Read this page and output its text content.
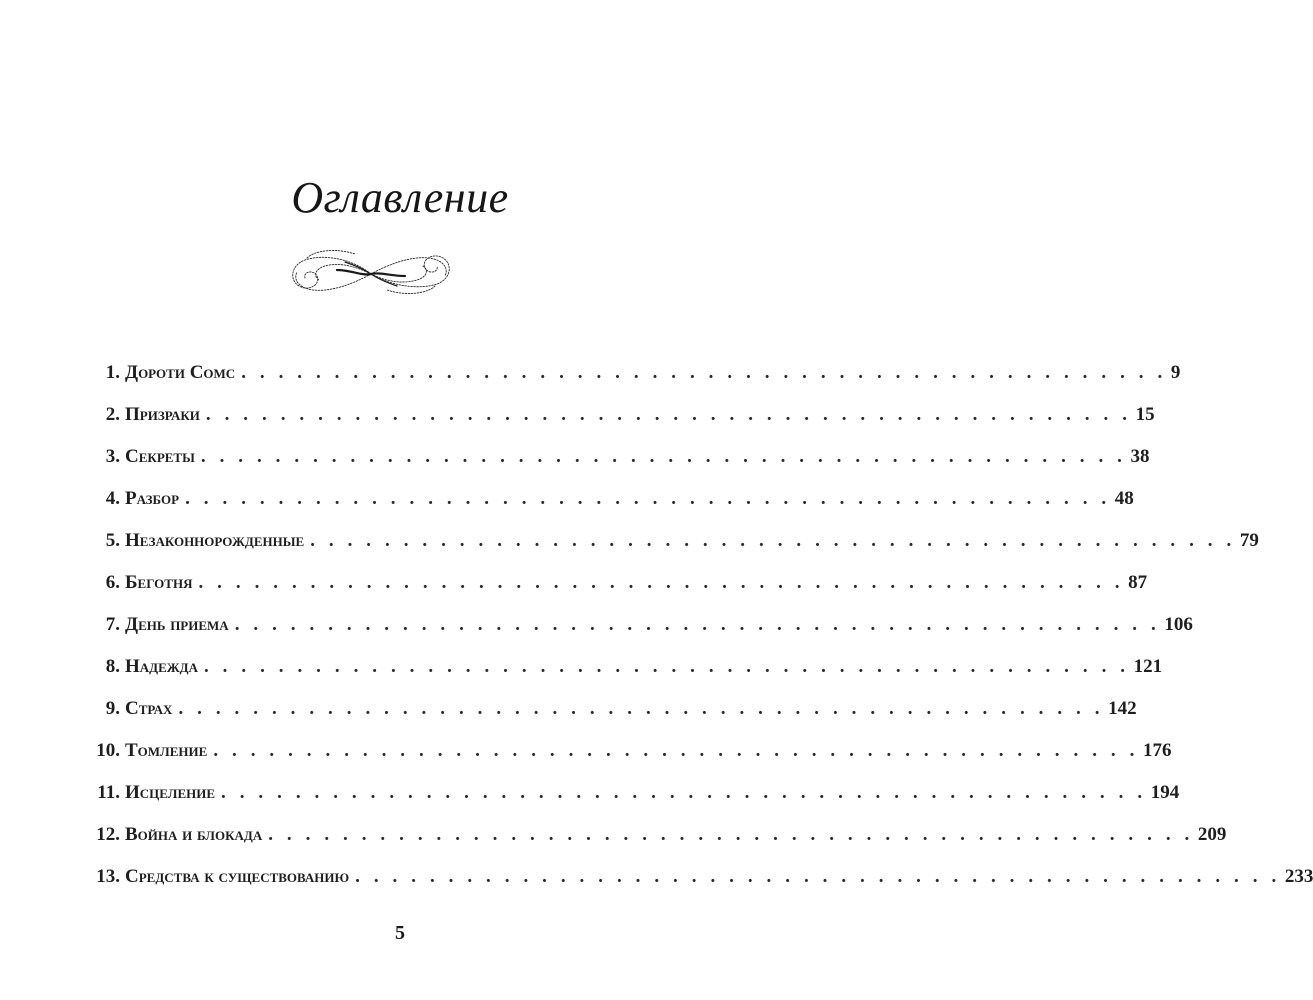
Оглавление
1. Дороти Сомс . . . . . . . . . . . . . . . . . . . . . . . . . . . . . . . . . . . . . . . . . . . . . . . . . . 9
2. Призраки . . . . . . . . . . . . . . . . . . . . . . . . . . . . . . . . . . . . . . . . . . . . . . . . . . 15
3. Секреты . . . . . . . . . . . . . . . . . . . . . . . . . . . . . . . . . . . . . . . . . . . . . . . . . . 38
4. Разбор . . . . . . . . . . . . . . . . . . . . . . . . . . . . . . . . . . . . . . . . . . . . . . . . . . 48
5. Незаконнорожденные . . . . . . . . . . . . . . . . . . . . . . . . . . . . . . . . . . . . . . . . . . . . . . . . . . 79
6. Беготня . . . . . . . . . . . . . . . . . . . . . . . . . . . . . . . . . . . . . . . . . . . . . . . . . . 87
7. День приема . . . . . . . . . . . . . . . . . . . . . . . . . . . . . . . . . . . . . . . . . . . . . . . . . . 106
8. Надежда . . . . . . . . . . . . . . . . . . . . . . . . . . . . . . . . . . . . . . . . . . . . . . . . . . 121
9. Страх . . . . . . . . . . . . . . . . . . . . . . . . . . . . . . . . . . . . . . . . . . . . . . . . . . 142
10. Томление . . . . . . . . . . . . . . . . . . . . . . . . . . . . . . . . . . . . . . . . . . . . . . . . . . 176
11. Исцеление . . . . . . . . . . . . . . . . . . . . . . . . . . . . . . . . . . . . . . . . . . . . . . . . . . 194
12. Война и блокада . . . . . . . . . . . . . . . . . . . . . . . . . . . . . . . . . . . . . . . . . . . . . . . . . . 209
13. Средства к существованию . . . . . . . . . . . . . . . . . . . . . . . . . . . . . . . . . . . . . . . . . . . . . . . . . . 233
5
